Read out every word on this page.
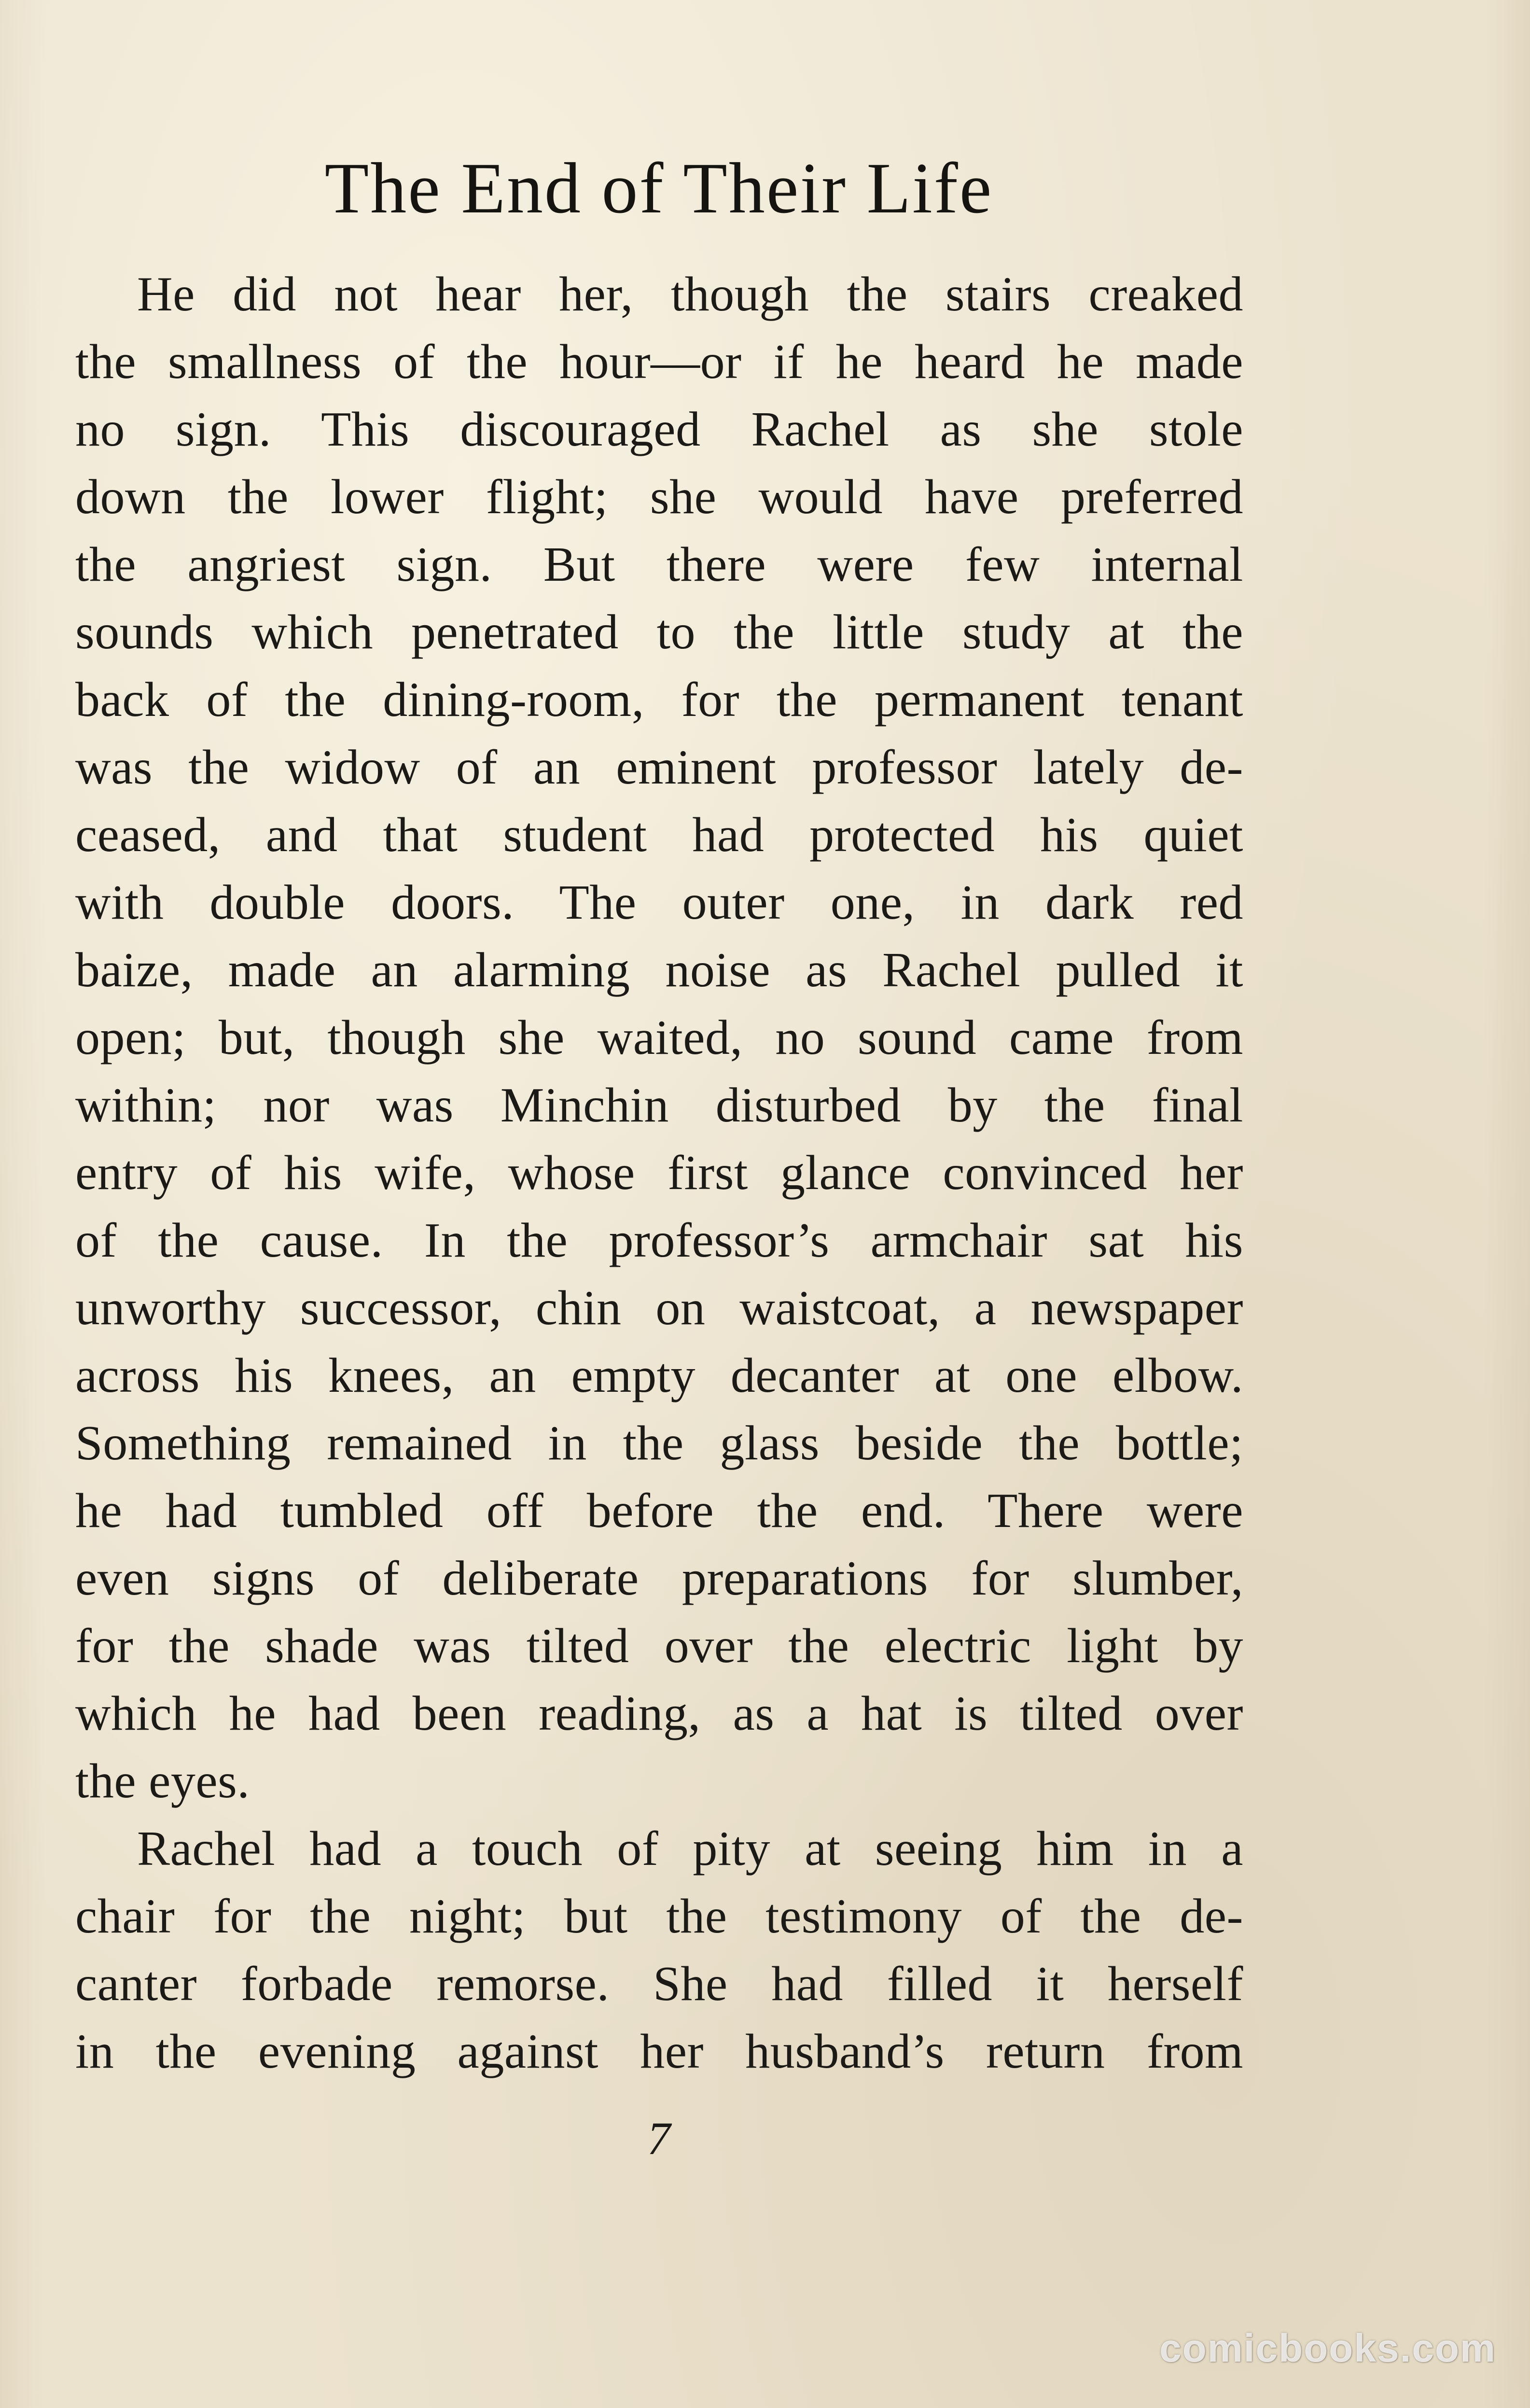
The End of Their Life
He did not hear her, though the stairs creaked
the smallness of the hour—or if he heard he made
no sign. This discouraged Rachel as she stole
down the lower flight; she would have preferred
the angriest sign. But there were few internal
sounds which penetrated to the little study at the
back of the dining-room, for the permanent tenant
was the widow of an eminent professor lately de-
ceased, and that student had protected his quiet
with double doors. The outer one, in dark red
baize, made an alarming noise as Rachel pulled it
open; but, though she waited, no sound came from
within; nor was Minchin disturbed by the final
entry of his wife, whose first glance convinced her
of the cause. In the professor’s armchair sat his
unworthy successor, chin on waistcoat, a newspaper
across his knees, an empty decanter at one elbow.
Something remained in the glass beside the bottle;
he had tumbled off before the end. There were
even signs of deliberate preparations for slumber,
for the shade was tilted over the electric light by
which he had been reading, as a hat is tilted over
the eyes.
Rachel had a touch of pity at seeing him in a
chair for the night; but the testimony of the de-
canter forbade remorse. She had filled it herself
in the evening against her husband’s return from
7
comicbooks.com
